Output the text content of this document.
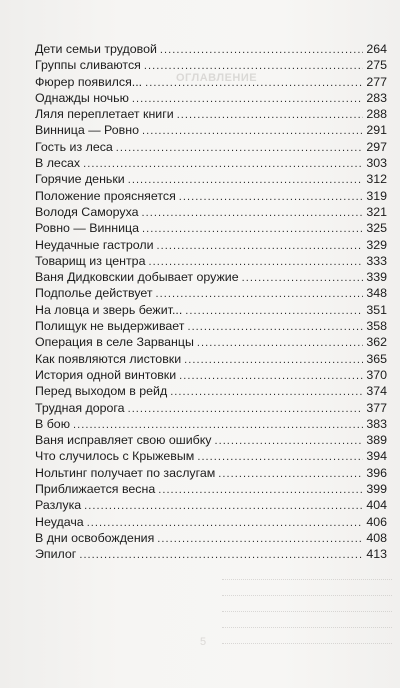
ОГЛАВЛЕНИЕ
Дети семьи трудовой . . .	264
Группы сливаются . . .	275
Фюрер появился... . . .	277
Однажды ночью . . .	283
Ляля переплетает книги . . .	288
Винница — Ровно . . .	291
Гость из леса . . .	297
В лесах . . .	303
Горячие деньки . . .	312
Положение проясняется . . .	319
Володя Саморуха . . .	321
Ровно — Винница . . .	325
Неудачные гастроли . . .	329
Товарищ из центра . . .	333
Ваня Дидковскии добывает оружие . . .	339
Подполье действует . . .	348
На ловца и зверь бежит... . . .	351
Полищук не выдерживает . . .	358
Операция в селе Зарванцы . . .	362
Как появляются листовки . . .	365
История одной винтовки . . .	370
Перед выходом в рейд . . .	374
Трудная дорога . . .	377
В бою . . .	383
Ваня исправляет свою ошибку . . .	389
Что случилось с Крыжевым . . .	394
Нольтинг получает по заслугам . . .	396
Приближается весна . . .	399
Разлука . . .	404
Неудача . . .	406
В дни освобождения . . .	408
Эпилог . . .	413
5
